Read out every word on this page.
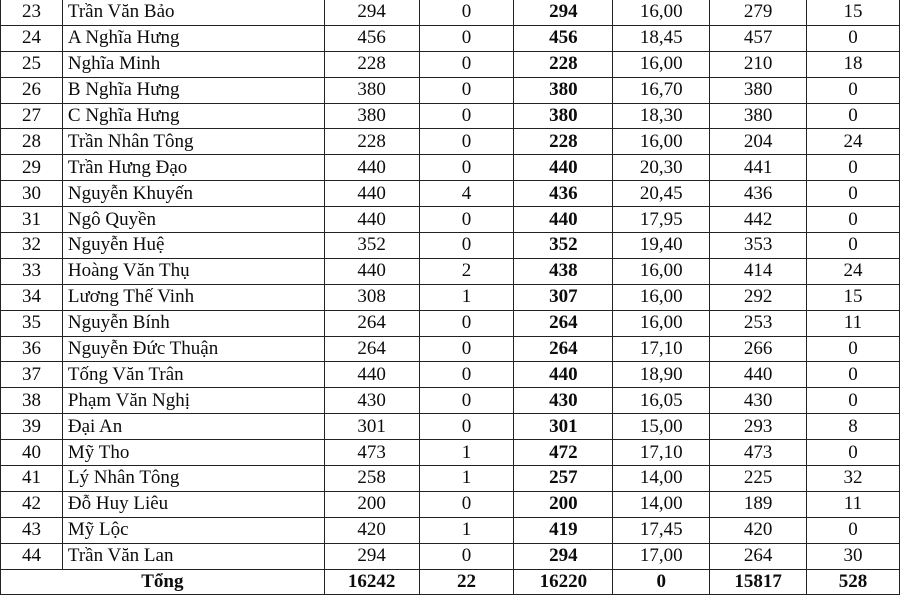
23	Trần Văn Bảo	294	0	294	16,00	279	15
24	A Nghĩa Hưng	456	0	456	18,45	457	0
25	Nghĩa Minh	228	0	228	16,00	210	18
26	B Nghĩa Hưng	380	0	380	16,70	380	0
27	C Nghĩa Hưng	380	0	380	18,30	380	0
28	Trần Nhân Tông	228	0	228	16,00	204	24
29	Trần Hưng Đạo	440	0	440	20,30	441	0
30	Nguyễn Khuyến	440	4	436	20,45	436	0
31	Ngô Quyền	440	0	440	17,95	442	0
32	Nguyễn Huệ	352	0	352	19,40	353	0
33	Hoàng Văn Thụ	440	2	438	16,00	414	24
34	Lương Thế Vinh	308	1	307	16,00	292	15
35	Nguyễn Bính	264	0	264	16,00	253	11
36	Nguyễn Đức Thuận	264	0	264	17,10	266	0
37	Tống Văn Trân	440	0	440	18,90	440	0
38	Phạm Văn Nghị	430	0	430	16,05	430	0
39	Đại An	301	0	301	15,00	293	8
40	Mỹ Tho	473	1	472	17,10	473	0
41	Lý Nhân Tông	258	1	257	14,00	225	32
42	Đỗ Huy Liêu	200	0	200	14,00	189	11
43	Mỹ Lộc	420	1	419	17,45	420	0
44	Trần Văn Lan	294	0	294	17,00	264	30
Tổng		16242	22	16220	0	15817	528
